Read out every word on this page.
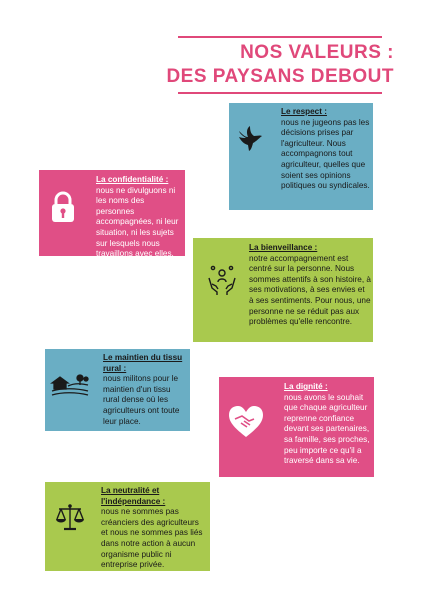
NOS VALEURS :
DES PAYSANS DEBOUT
Le respect :
nous ne jugeons pas les décisions prises par l'agriculteur. Nous accompagnons tout agriculteur, quelles que soient ses opinions politiques ou syndicales.
La confidentialité :
nous ne divulguons ni les noms des personnes accompagnées, ni leur situation, ni les sujets sur lesquels nous travaillons avec elles.
La bienveillance :
notre accompagnement est centré sur la personne. Nous sommes attentifs à son histoire, à ses motivations, à ses envies et à ses sentiments. Pour nous, une personne ne se réduit pas aux problèmes qu'elle rencontre.
Le maintien du tissu rural :
nous militons pour le maintien d'un tissu rural dense où les agriculteurs ont toute leur place.
La dignité :
nous avons le souhait que chaque agriculteur reprenne confiance devant ses partenaires, sa famille, ses proches, peu importe ce qu'il a traversé dans sa vie.
La neutralité et l'indépendance :
nous ne sommes pas créanciers des agriculteurs et nous ne sommes pas liés dans notre action à aucun organisme public ni entreprise privée.
